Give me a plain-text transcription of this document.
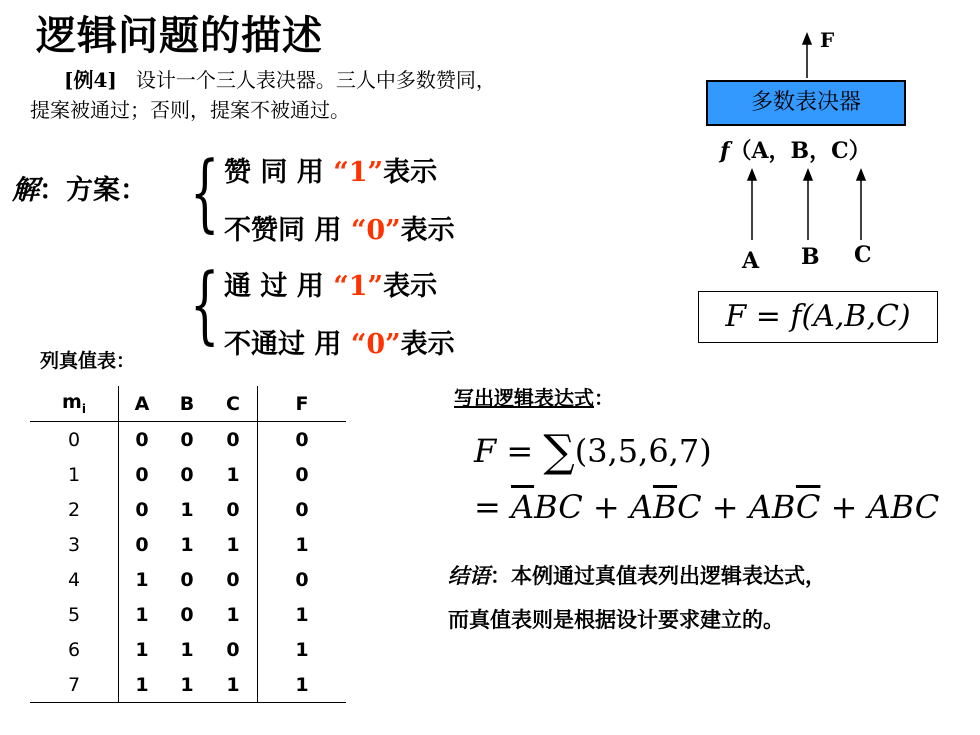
逻辑问题的描述
[例4] 设计一个三人表决器。三人中多数赞同，
提案被通过；否则，提案不被通过。
解：方案： { 赞 同 用 “1”表示
不赞同 用 “0”表示
{ 通 过 用 “1”表示
不通过 用 “0”表示
列真值表：
$m_i$	A	B	C	F
0	0	0	0	0
1	0	0	1	0
2	0	1	0	0
3	0	1	1	1
4	1	0	0	0
5	1	0	1	1
6	1	1	0	1
7	1	1	1	1
F
多数表决器
f（A，B，C）
A B C
F = f(A,B,C)
写出逻辑表达式：
F = ∑(3,5,6,7)
= $\overline{A}BC + A\overline{B}C + AB\overline{C}$ + ABC
结语：本例通过真值表列出逻辑表达式，
而真值表则是根据设计要求建立的。
